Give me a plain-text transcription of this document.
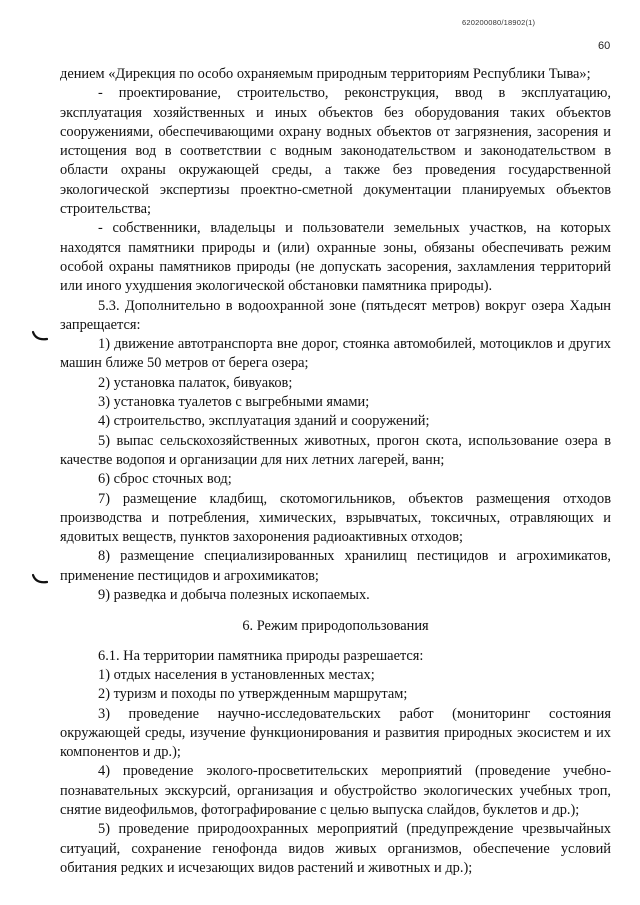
620200080/18902(1)
60

дением «Дирекция по особо охраняемым природным территориям Республики Тыва»;

- проектирование, строительство, реконструкция, ввод в эксплуатацию, эксплуатация хозяйственных и иных объектов без оборудования таких объектов сооружениями, обеспечивающими охрану водных объектов от загрязнения, засорения и истощения вод в соответствии с водным законодательством и законодательством в области охраны окружающей среды, а также без проведения государственной экологической экспертизы проектно-сметной документации планируемых объектов строительства;

- собственники, владельцы и пользователи земельных участков, на которых находятся памятники природы и (или) охранные зоны, обязаны обеспечивать режим особой охраны памятников природы (не допускать засорения, захламления территорий или иного ухудшения экологической обстановки памятника природы).

5.3. Дополнительно в водоохранной зоне (пятьдесят метров) вокруг озера Хадын запрещается:

1) движение автотранспорта вне дорог, стоянка автомобилей, мотоциклов и других машин ближе 50 метров от берега озера;

2) установка палаток, бивуаков;

3) установка туалетов с выгребными ямами;

4) строительство, эксплуатация зданий и сооружений;

5) выпас сельскохозяйственных животных, прогон скота, использование озера в качестве водопоя и организации для них летних лагерей, ванн;

6) сброс сточных вод;

7) размещение кладбищ, скотомогильников, объектов размещения отходов производства и потребления, химических, взрывчатых, токсичных, отравляющих и ядовитых веществ, пунктов захоронения радиоактивных отходов;

8) размещение специализированных хранилищ пестицидов и агрохимикатов, применение пестицидов и агрохимикатов;

9) разведка и добыча полезных ископаемых.

6. Режим природопользования

6.1. На территории памятника природы разрешается:

1) отдых населения в установленных местах;

2) туризм и походы по утвержденным маршрутам;

3) проведение научно-исследовательских работ (мониторинг состояния окружающей среды, изучение функционирования и развития природных экосистем и их компонентов и др.);

4) проведение эколого-просветительских мероприятий (проведение учебно-познавательных экскурсий, организация и обустройство экологических учебных троп, снятие видеофильмов, фотографирование с целью выпуска слайдов, буклетов и др.);

5) проведение природоохранных мероприятий (предупреждение чрезвычайных ситуаций, сохранение генофонда видов живых организмов, обеспечение условий обитания редких и исчезающих видов растений и животных и др.);
